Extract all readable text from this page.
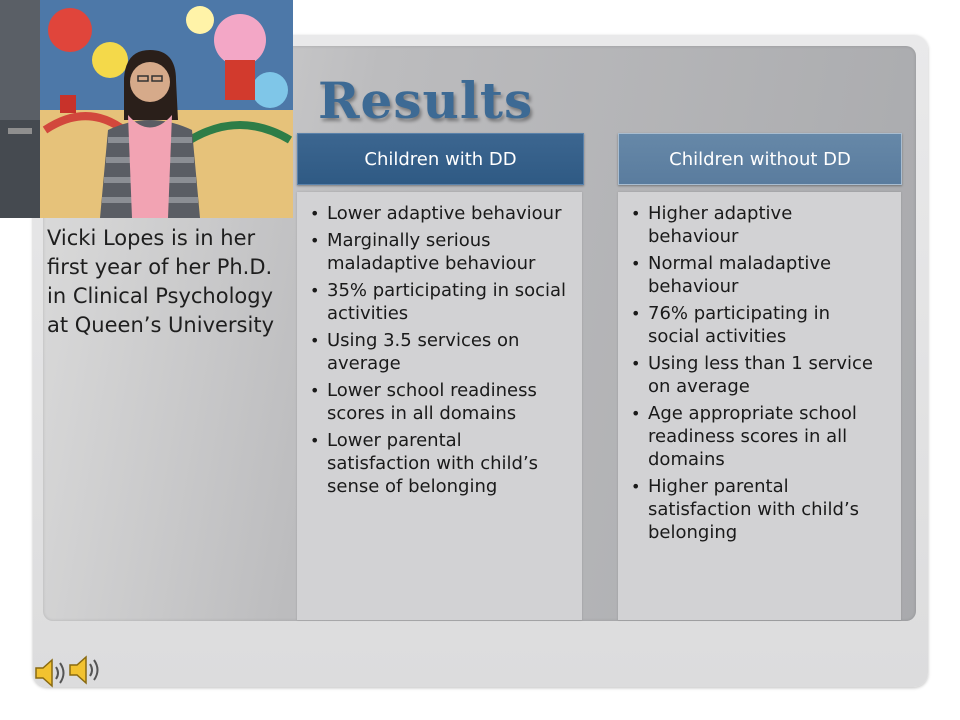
Results
Vicki Lopes is in her first year of her Ph.D. in Clinical Psychology at Queen’s University
Children with DD
• Lower adaptive behaviour
• Marginally serious maladaptive behaviour
• 35% participating in social activities
• Using 3.5 services on average
• Lower school readiness scores in all domains
• Lower parental satisfaction with child’s sense of belonging
Children without DD
• Higher adaptive behaviour
• Normal maladaptive behaviour
• 76% participating in social activities
• Using less than 1 service on average
• Age appropriate school readiness scores in all domains
• Higher parental satisfaction with child’s belonging
